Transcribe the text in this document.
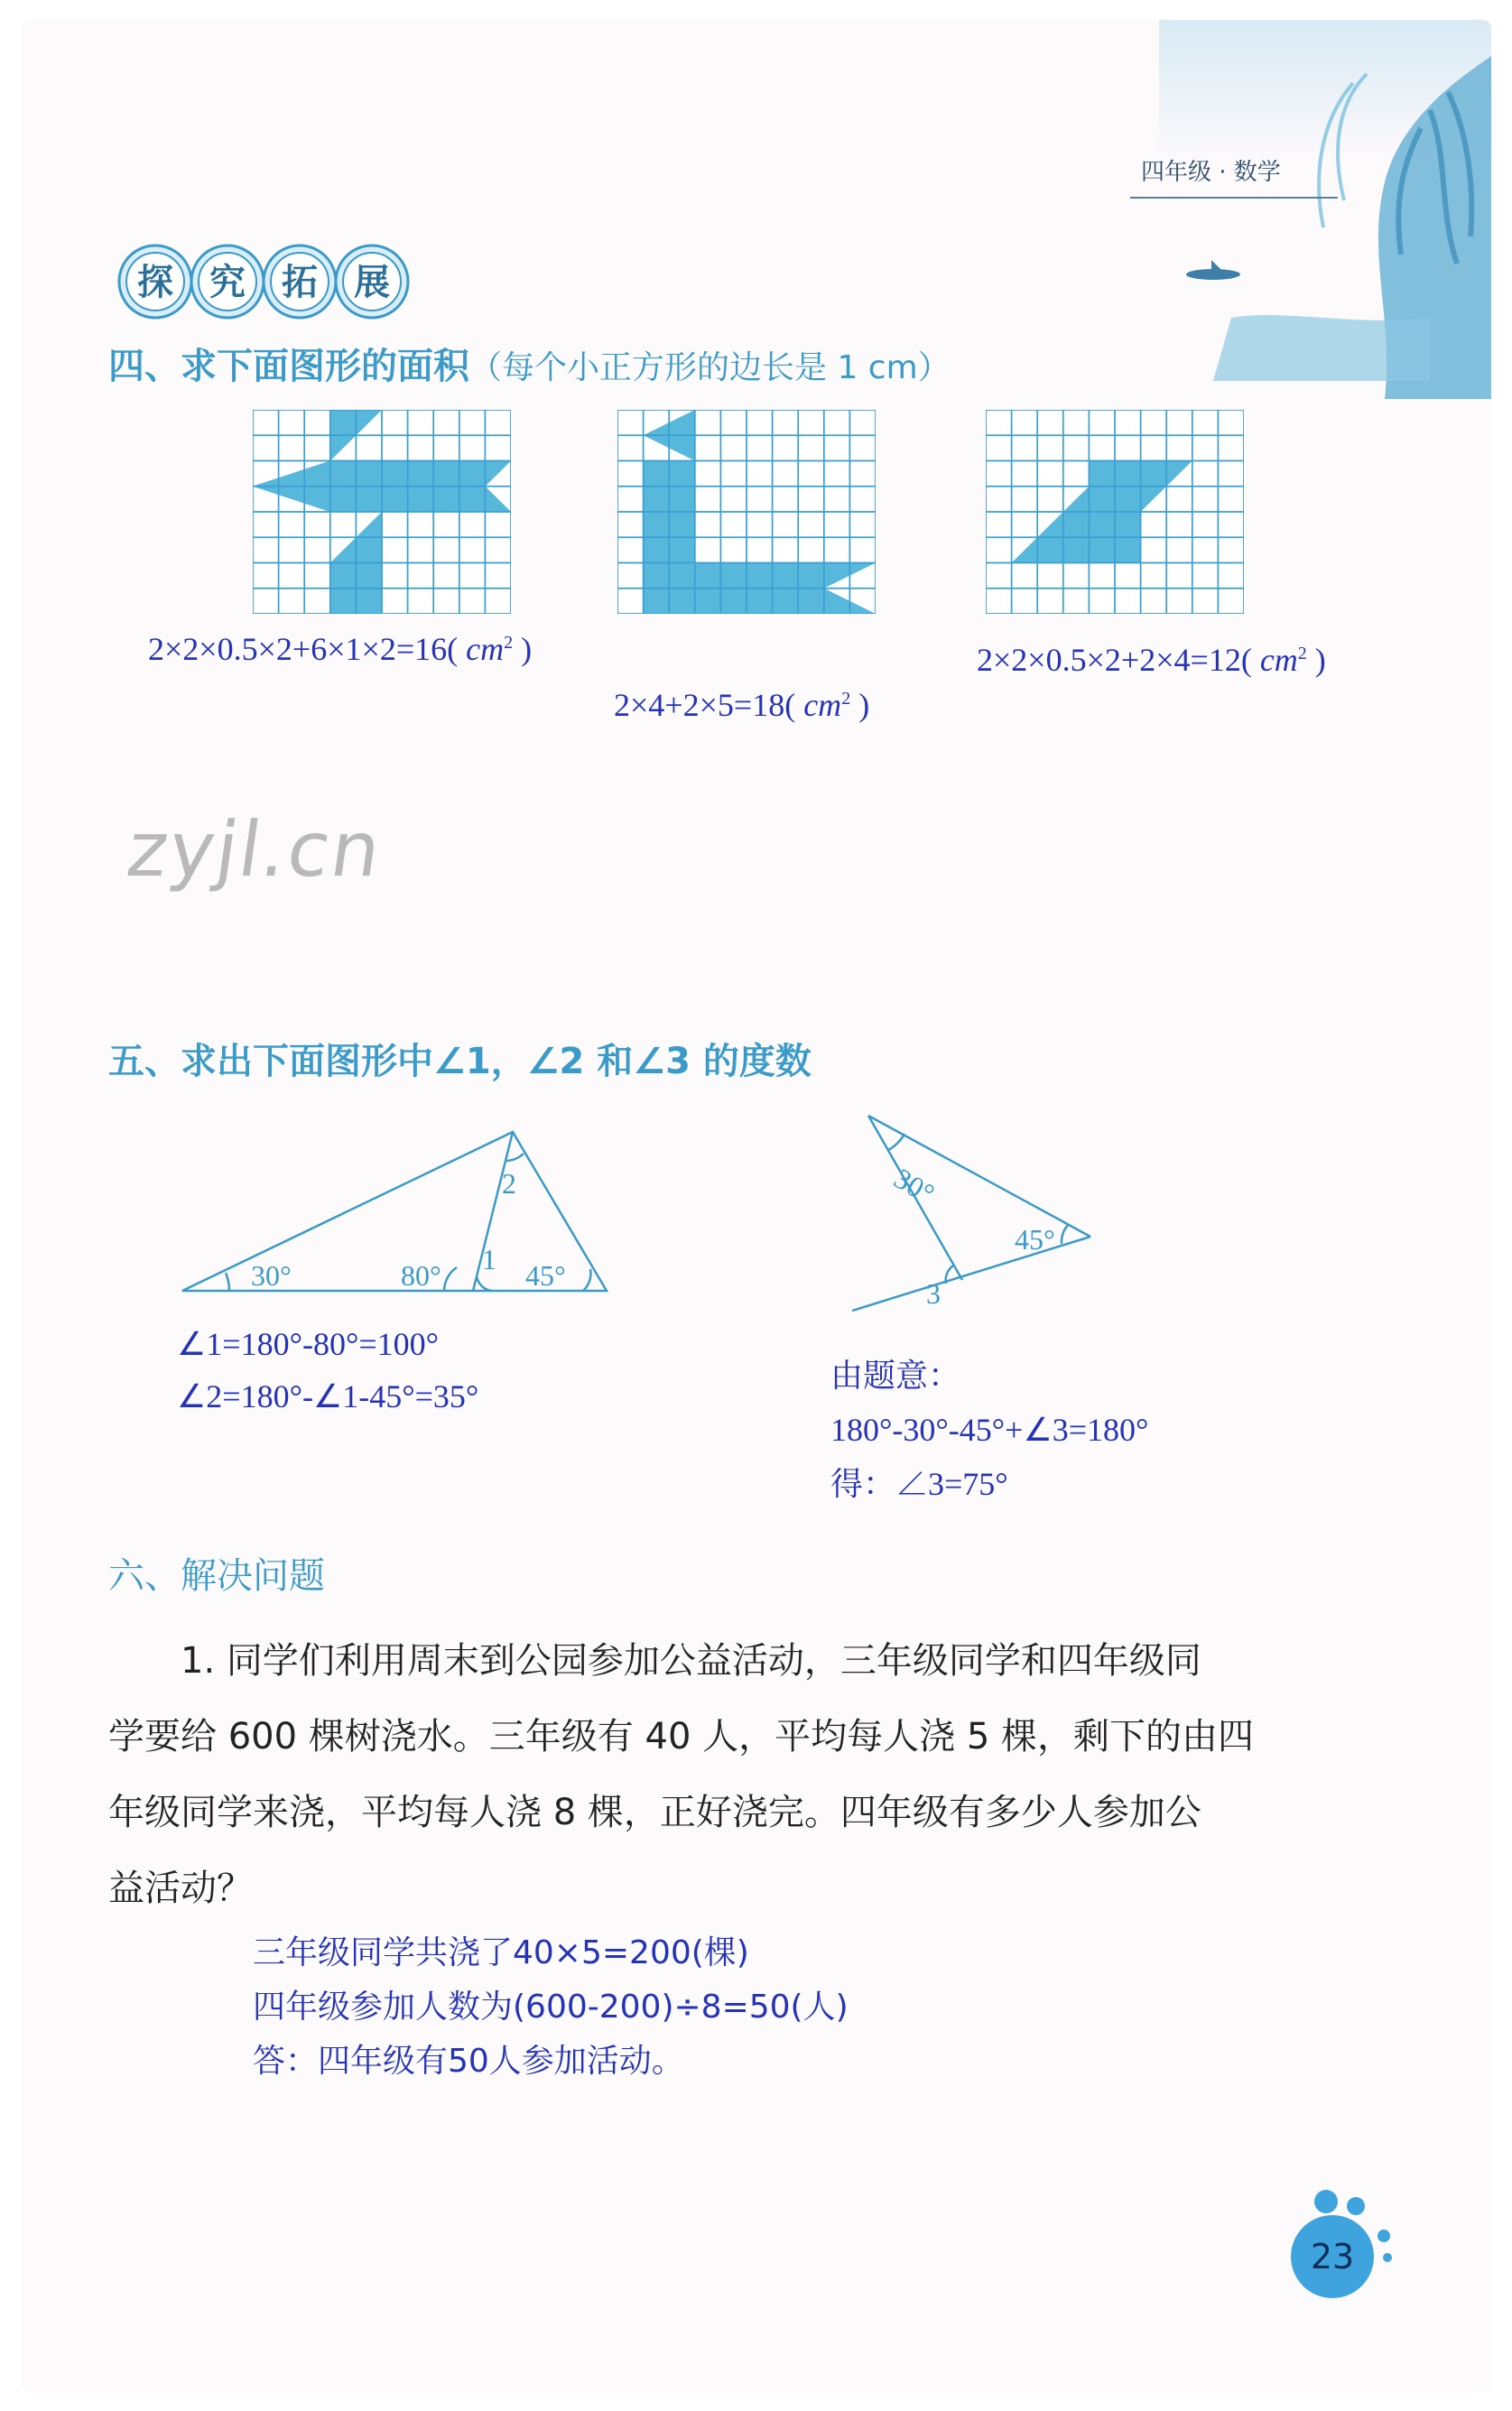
四年级 · 数学
探 究 拓 展
四、求下面图形的面积（每个小正方形的边长是 1 cm）
2×2×0.5×2+6×1×2=16( $cm^2$ )
2×4+2×5=18( $cm^2$ )
2×2×0.5×2+2×4=12( $cm^2$ )
zyjl.cn
五、求出下面图形中∠1，∠2 和∠3 的度数
30°	80° 1 45°
2	30°
45°
3
∠1=180°-80°=100°
∠2=180°-∠1-45°=35°
由题意：
180°-30°-45°+∠3=180°
得：∠3=75°
六、解决问题
1. 同学们利用周末到公园参加公益活动，三年级同学和四年级同
学要给 600 棵树浇水。三年级有 40 人，平均每人浇 5 棵，剩下的由四
年级同学来浇，平均每人浇 8 棵，正好浇完。四年级有多少人参加公
益活动？
三年级同学共浇了40×5=200(棵)
四年级参加人数为(600-200)÷8=50(人)
答：四年级有50人参加活动。
23
